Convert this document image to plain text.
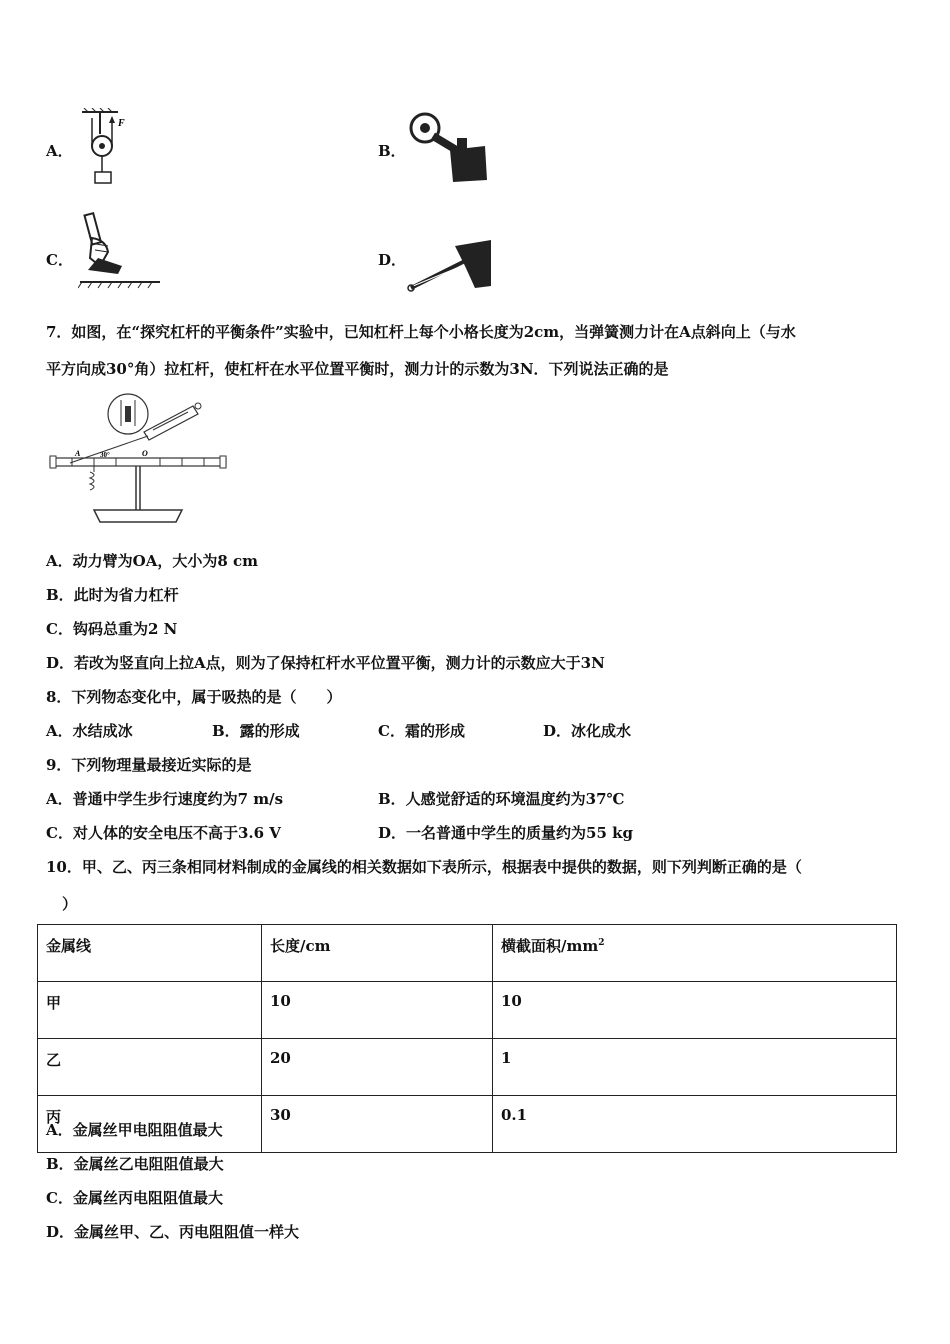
A．
F
B．
C．	D．
7．如图，在“探究杠杆的平衡条件”实验中，已知杠杆上每个小格长度为2cm，当弹簧测力计在A点斜向上（与水
平方向成30°角）拉杠杆，使杠杆在水平位置平衡时，测力计的示数为3N．下列说法正确的是
A	O
30°
A．动力臂为OA，大小为8 cm
B．此时为省力杠杆
C．钩码总重为2 N
D．若改为竖直向上拉A点，则为了保持杠杆水平位置平衡，测力计的示数应大于3N
8．下列物态变化中，属于吸热的是（　　）
A．水结成冰	B．露的形成	C．霜的形成	D．冰化成水
9．下列物理量最接近实际的是
A．普通中学生步行速度约为7 m/s	B．人感觉舒适的环境温度约为37℃
C．对人体的安全电压不高于3.6 V	D．一名普通中学生的质量约为55 kg
10．甲、乙、丙三条相同材料制成的金属线的相关数据如下表所示，根据表中提供的数据，则下列判断正确的是（
）
金属线	长度/cm	横截面积$/mm^2$
甲	10	10
乙	20	1
丙	30	0.1
A．金属丝甲电阻阻值最大
B．金属丝乙电阻阻值最大
C．金属丝丙电阻阻值最大
D．金属丝甲、乙、丙电阻阻值一样大
